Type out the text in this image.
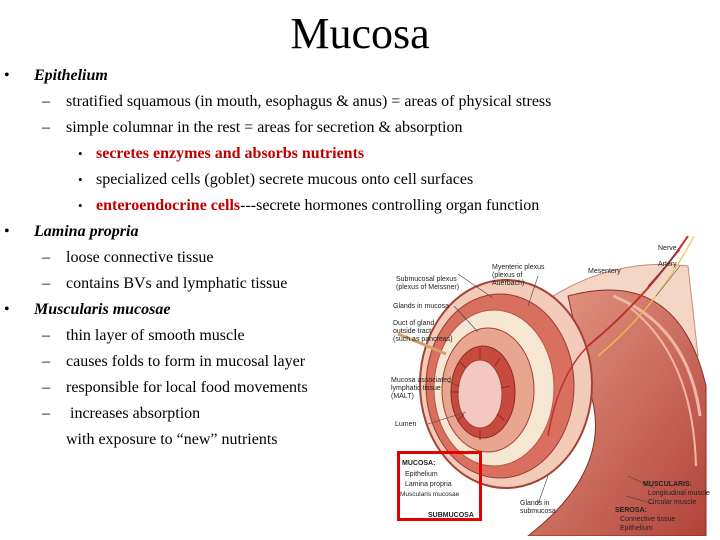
Mucosa
• Epithelium
– stratified squamous (in mouth, esophagus & anus) = areas of physical stress
– simple columnar in the rest = areas for secretion & absorption
• secretes enzymes and absorbs nutrients
• specialized cells (goblet) secrete mucous onto cell surfaces
• enteroendocrine cells---secrete hormones controlling organ function
• Lamina propria
– loose connective tissue
– contains BVs and lymphatic tissue
• Muscularis mucosae
– thin layer of smooth muscle
– causes folds to form in mucosal layer
– responsible for local food movements
– increases absorption
with exposure to “new” nutrients
Nerve
Artery
Myenteric plexus
(plexus of
Auerbach)
Mesentery
Submucosal plexus
(plexus of Meissner)
Glands in mucosa
Duct of gland
outside tract
(such as pancreas)
Mucosa associated
lymphatic tissue
(MALT)
Lumen
MUCOSA:
Epithelium
Lamina propria
Muscularis mucosae
SUBMUCOSA
Glands in
submucosa
MUSCULARIS:
Longitudinal muscle
Circular muscle
SEROSA:
Connective tissue
Epithelium
